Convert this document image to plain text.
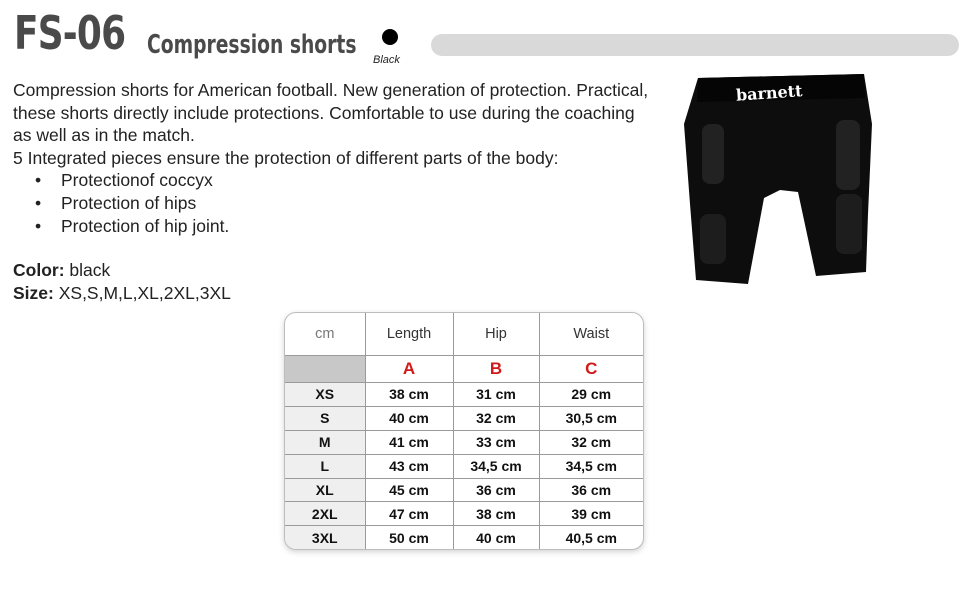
FS-06 Compression shorts Black

Compression shorts for American football. New generation of protection. Practical, these shorts directly include protections. Comfortable to use during the coaching as well as in the match.

5 Integrated pieces ensure the protection of different parts of the body:

• Protectionof coccyx
• Protection of hips
• Protection of hip joint.
Color: black
Size: XS,S,M,L,XL,2XL,3XL
barnett
cm	Length	Hip	Waist
	A	B	C
XS	38 cm	31 cm	29 cm
S	40 cm	32 cm	30,5 cm
M	41 cm	33 cm	32 cm
L	43 cm	34,5 cm	34,5 cm
XL	45 cm	36 cm	36 cm
2XL	47 cm	38 cm	39 cm
3XL	50 cm	40 cm	40,5 cm
